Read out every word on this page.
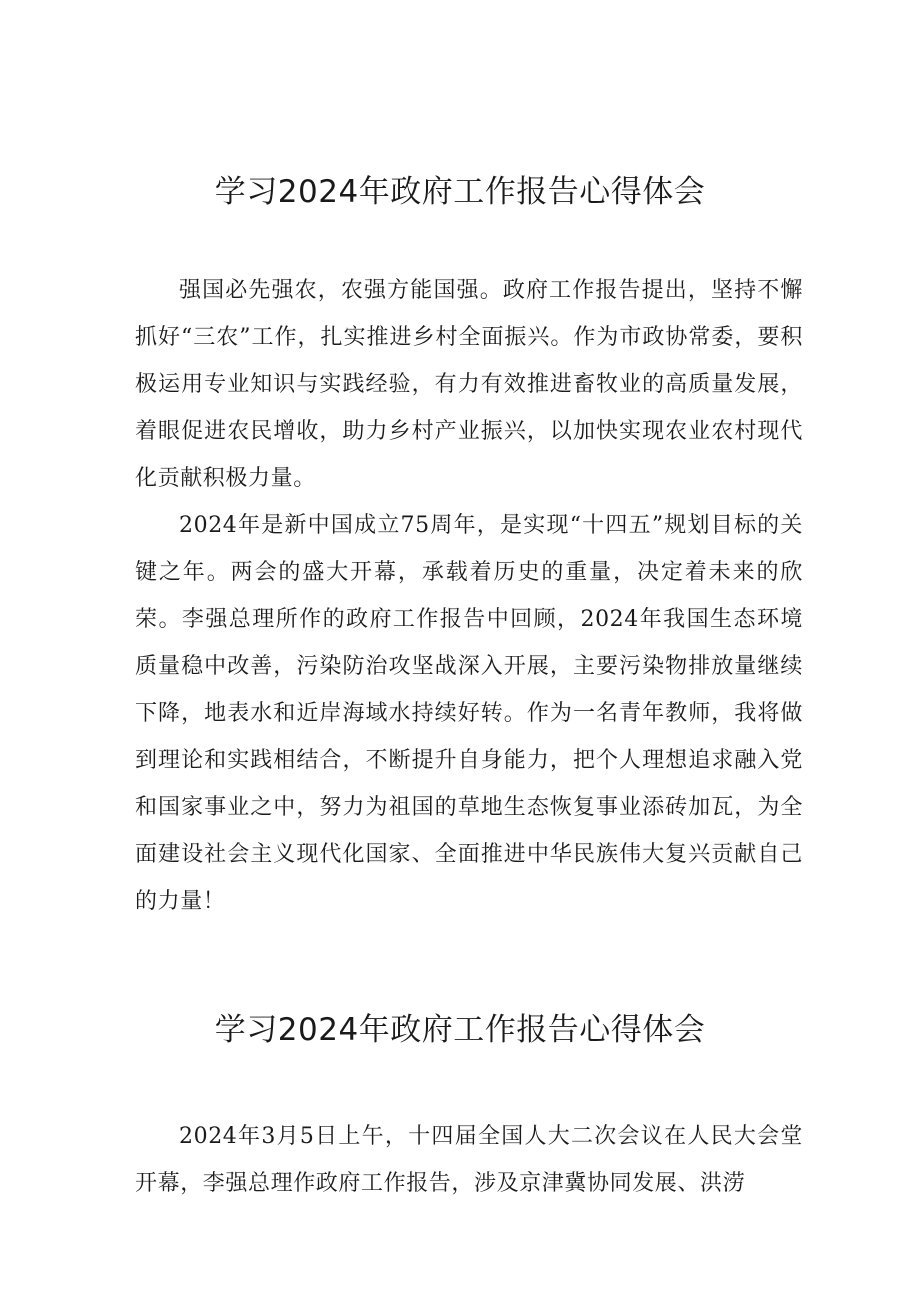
学习2024年政府工作报告心得体会

强国必先强农，农强方能国强。政府工作报告提出，坚持不懈抓好“三农”工作，扎实推进乡村全面振兴。作为市政协常委，要积极运用专业知识与实践经验，有力有效推进畜牧业的高质量发展，着眼促进农民增收，助力乡村产业振兴，以加快实现农业农村现代化贡献积极力量。

2024年是新中国成立75周年，是实现“十四五”规划目标的关键之年。两会的盛大开幕，承载着历史的重量，决定着未来的欣荣。李强总理所作的政府工作报告中回顾，2024年我国生态环境质量稳中改善，污染防治攻坚战深入开展，主要污染物排放量继续下降，地表水和近岸海域水持续好转。作为一名青年教师，我将做到理论和实践相结合，不断提升自身能力，把个人理想追求融入党和国家事业之中，努力为祖国的草地生态恢复事业添砖加瓦，为全面建设社会主义现代化国家、全面推进中华民族伟大复兴贡献自己的力量！

学习2024年政府工作报告心得体会

2024年3月5日上午，十四届全国人大二次会议在人民大会堂开幕，李强总理作政府工作报告，涉及京津冀协同发展、洪涝
